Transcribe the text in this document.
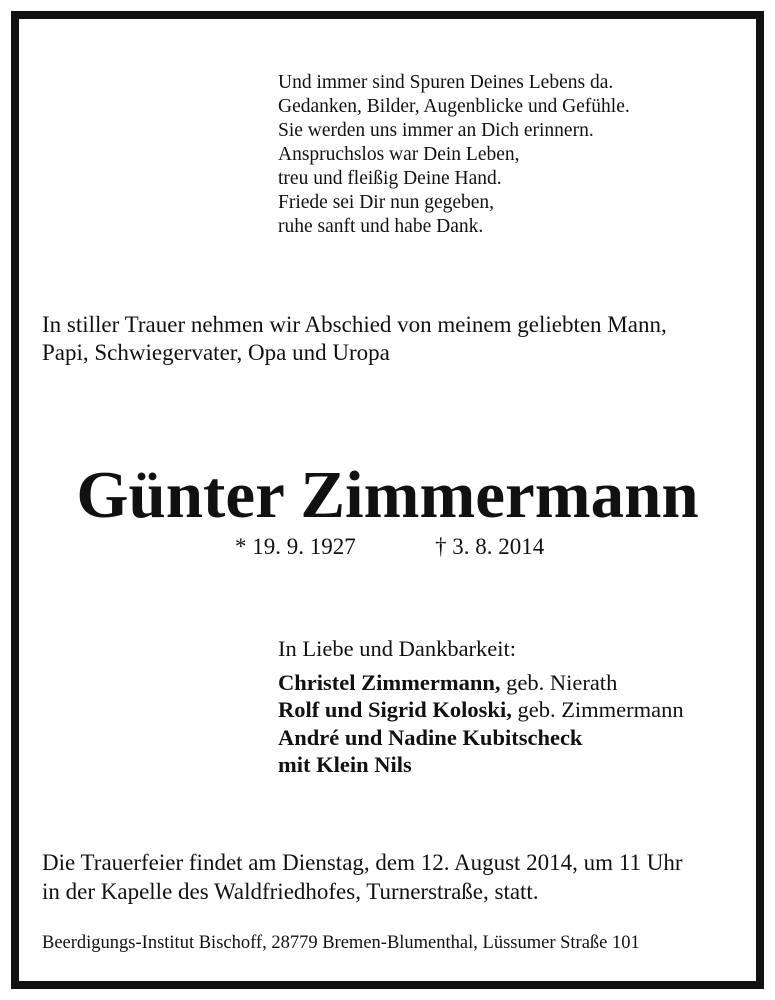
Und immer sind Spuren Deines Lebens da.
Gedanken, Bilder, Augenblicke und Gefühle.
Sie werden uns immer an Dich erinnern.
Anspruchslos war Dein Leben,
treu und fleißig Deine Hand.
Friede sei Dir nun gegeben,
ruhe sanft und habe Dank.
In stiller Trauer nehmen wir Abschied von meinem geliebten Mann,
Papi, Schwiegervater, Opa und Uropa
Günter Zimmermann
* 19. 9. 1927	† 3. 8. 2014
In Liebe und Dankbarkeit:
Christel Zimmermann, geb. Nierath
Rolf und Sigrid Koloski, geb. Zimmermann
André und Nadine Kubitscheck
mit Klein Nils
Die Trauerfeier findet am Dienstag, dem 12. August 2014, um 11 Uhr
in der Kapelle des Waldfriedhofes, Turnerstraße, statt.
Beerdigungs-Institut Bischoff, 28779 Bremen-Blumenthal, Lüssumer Straße 101
